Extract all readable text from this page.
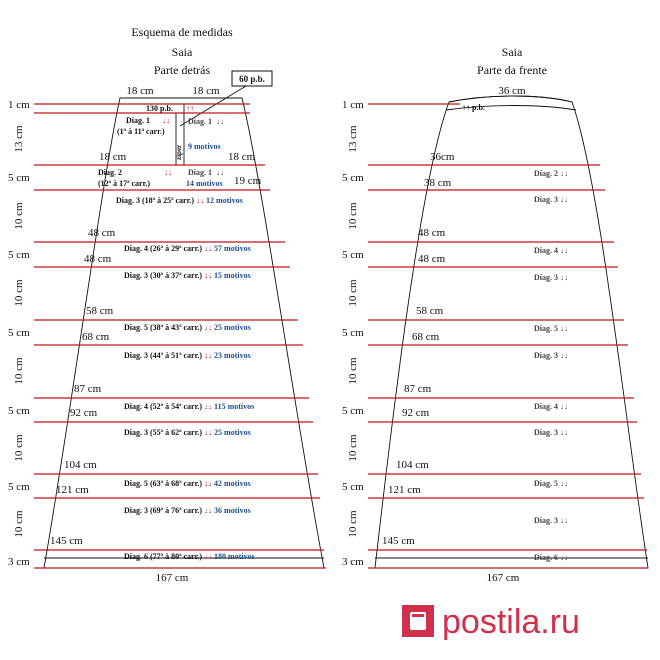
Esquema de medidas
Saia
Parte detrás
18 cm	18 cm
60 p.b.
zíper
130 p.b. ↑↑
Diag. 1 ↓↓
(1ª à 11ª carr.)
Diag. 1 ↓↓
9 motivos
18 cm	18 cm
Diag. 2	↓↓
(12ª à 17ª carr.)
Diag. 1 ↓↓
14 motivos 19 cm
Diag. 3 (18ª à 25ª carr.) ↓↓ 12 motivos
Diag. 4 (26ª à 29ª carr.) ↓↓ 57 motivos
Diag. 3 (30ª à 37ª carr.) ↓↓ 15 motivos
Diag. 5 (38ª à 43ª carr.) ↓↓ 25 motivos
Diag. 3 (44ª à 51ª carr.) ↓↓ 23 motivos
Diag. 4 (52ª à 54ª carr.) ↓↓ 115 motivos
Diag. 3 (55ª à 62ª carr.) ↓↓ 25 motivos
Diag. 5 (63ª à 68ª carr.) ↓↓ 42 motivos
Diag. 3 (69ª à 76ª carr.) ↓↓ 36 motivos
Diag. 6 (77ª à 80ª carr.) ↓↓ 180 motivos
48 cm
48 cm
58 cm
68 cm
87 cm
92 cm
104 cm
121 cm
145 cm
167 cm
1 cm
13 cm
5 cm
10 cm
5 cm
10 cm
5 cm
10 cm
5 cm
10 cm
5 cm
10 cm
3 cm
Saia
Parte da frente
36 cm
↑↑ p.b.
Diag. 2 ↓↓
Diag. 3 ↓↓
Diag. 4 ↓↓
Diag. 3 ↓↓
Diag. 5 ↓↓
Diag. 3 ↓↓
Diag. 4 ↓↓
Diag. 3 ↓↓
Diag. 5 ↓↓
Diag. 3 ↓↓
Diag. 6 ↓↓
36cm
38 cm
48 cm
48 cm
58 cm
68 cm
87 cm
92 cm
104 cm
121 cm
145 cm
1 cm
13 cm
5 cm
10 cm
5 cm
10 cm
5 cm
10 cm
5 cm
10 cm
5 cm
10 cm
3 cm
167 cm
postila.ru
